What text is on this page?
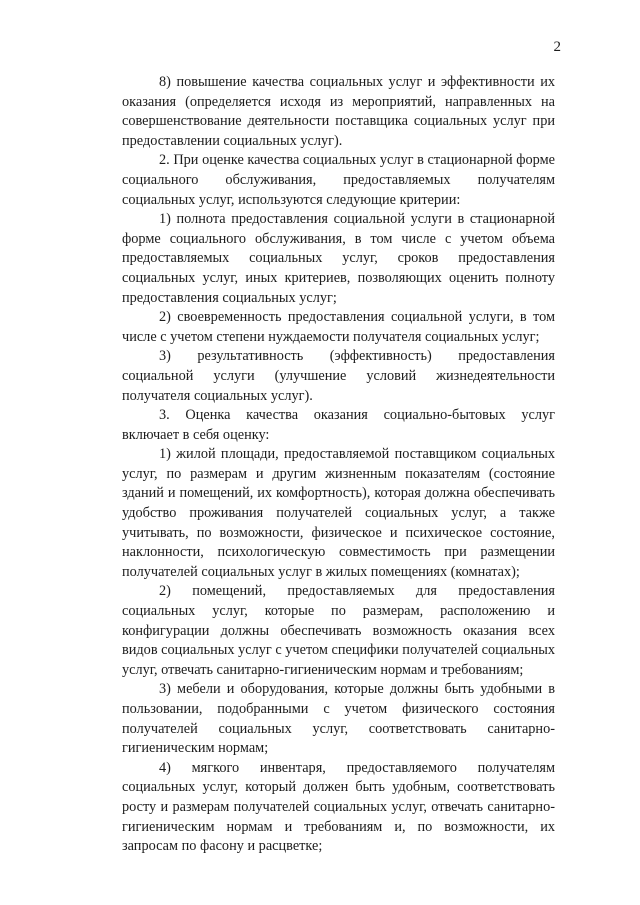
2

8) повышение качества социальных услуг и эффективности их оказания (определяется исходя из мероприятий, направленных на совершенствование деятельности поставщика социальных услуг при предоставлении социальных услуг).

2. При оценке качества социальных услуг в стационарной форме социального обслуживания, предоставляемых получателям социальных услуг, используются следующие критерии:

1) полнота предоставления социальной услуги в стационарной форме социального обслуживания, в том числе с учетом объема предоставляемых социальных услуг, сроков предоставления социальных услуг, иных критериев, позволяющих оценить полноту предоставления социальных услуг;

2) своевременность предоставления социальной услуги, в том числе с учетом степени нуждаемости получателя социальных услуг;

3) результативность (эффективность) предоставления социальной услуги (улучшение условий жизнедеятельности получателя социальных услуг).

3. Оценка качества оказания социально-бытовых услуг включает в себя оценку:

1) жилой площади, предоставляемой поставщиком социальных услуг, по размерам и другим жизненным показателям (состояние зданий и помещений, их комфортность), которая должна обеспечивать удобство проживания получателей социальных услуг, а также учитывать, по возможности, физическое и психическое состояние, наклонности, психологическую совместимость при размещении получателей социальных услуг в жилых помещениях (комнатах);

2) помещений, предоставляемых для предоставления социальных услуг, которые по размерам, расположению и конфигурации должны обеспечивать возможность оказания всех видов социальных услуг с учетом специфики получателей социальных услуг, отвечать санитарно-гигиеническим нормам и требованиям;

3) мебели и оборудования, которые должны быть удобными в пользовании, подобранными с учетом физического состояния получателей социальных услуг, соответствовать санитарно-гигиеническим нормам;

4) мягкого инвентаря, предоставляемого получателям социальных услуг, который должен быть удобным, соответствовать росту и размерам получателей социальных услуг, отвечать санитарно-гигиеническим нормам и требованиям и, по возможности, их запросам по фасону и расцветке;
